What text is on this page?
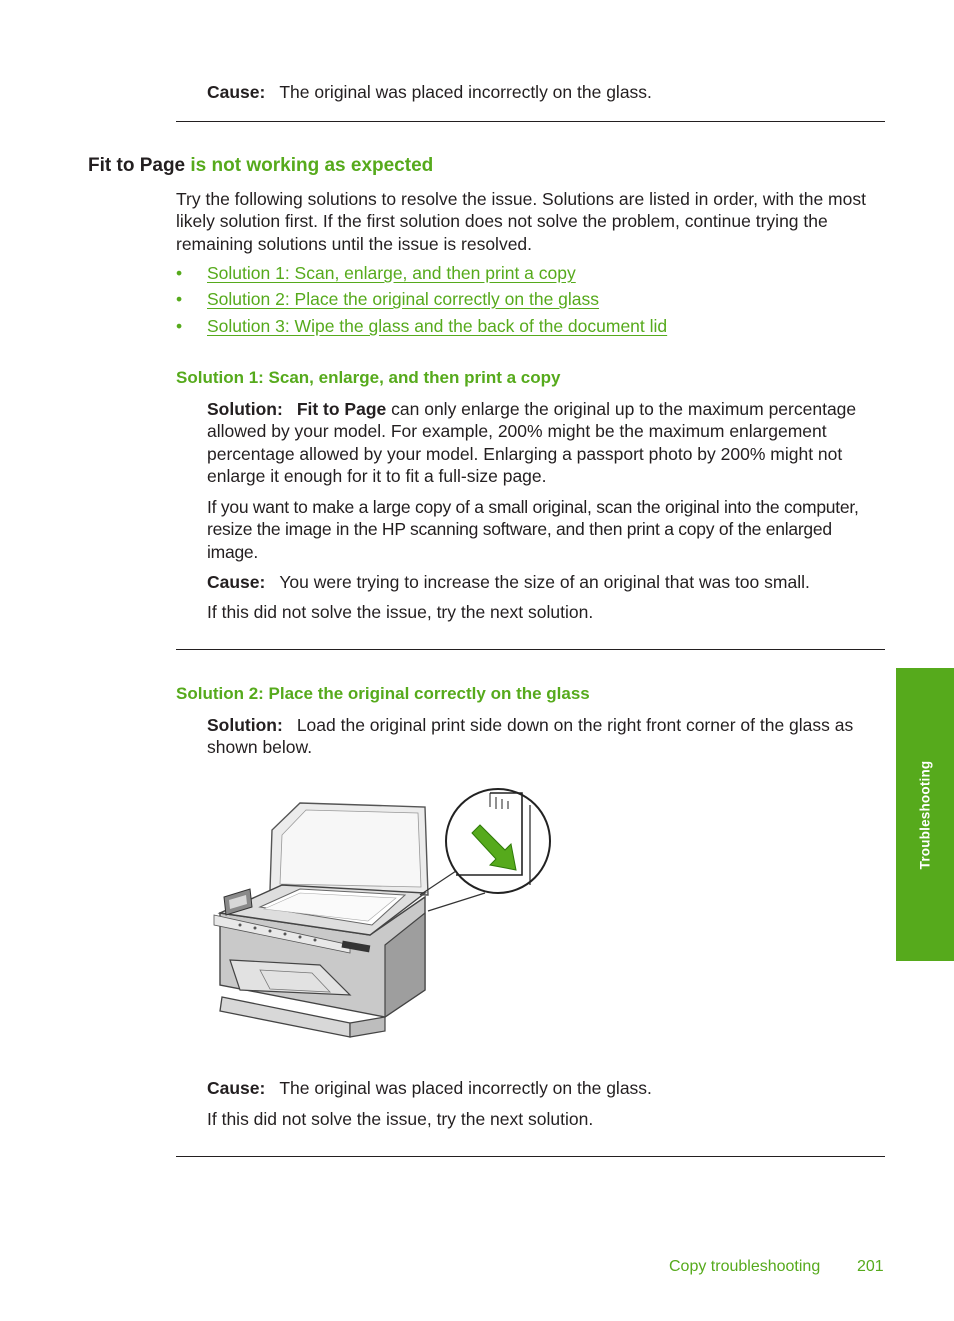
Cause: The original was placed incorrectly on the glass.

Fit to Page is not working as expected

Try the following solutions to resolve the issue. Solutions are listed in order, with the most likely solution first. If the first solution does not solve the problem, continue trying the remaining solutions until the issue is resolved.

• Solution 1: Scan, enlarge, and then print a copy
• Solution 2: Place the original correctly on the glass
• Solution 3: Wipe the glass and the back of the document lid
Solution 1: Scan, enlarge, and then print a copy

Solution: Fit to Page can only enlarge the original up to the maximum percentage allowed by your model. For example, 200% might be the maximum enlargement percentage allowed by your model. Enlarging a passport photo by 200% might not enlarge it enough for it to fit a full-size page.

If you want to make a large copy of a small original, scan the original into the computer, resize the image in the HP scanning software, and then print a copy of the enlarged image.

Cause: You were trying to increase the size of an original that was too small.

If this did not solve the issue, try the next solution.

Solution 2: Place the original correctly on the glass

Solution: Load the original print side down on the right front corner of the glass as shown below.

Cause: The original was placed incorrectly on the glass.

If this did not solve the issue, try the next solution.

Troubleshooting
Copy troubleshooting 201
